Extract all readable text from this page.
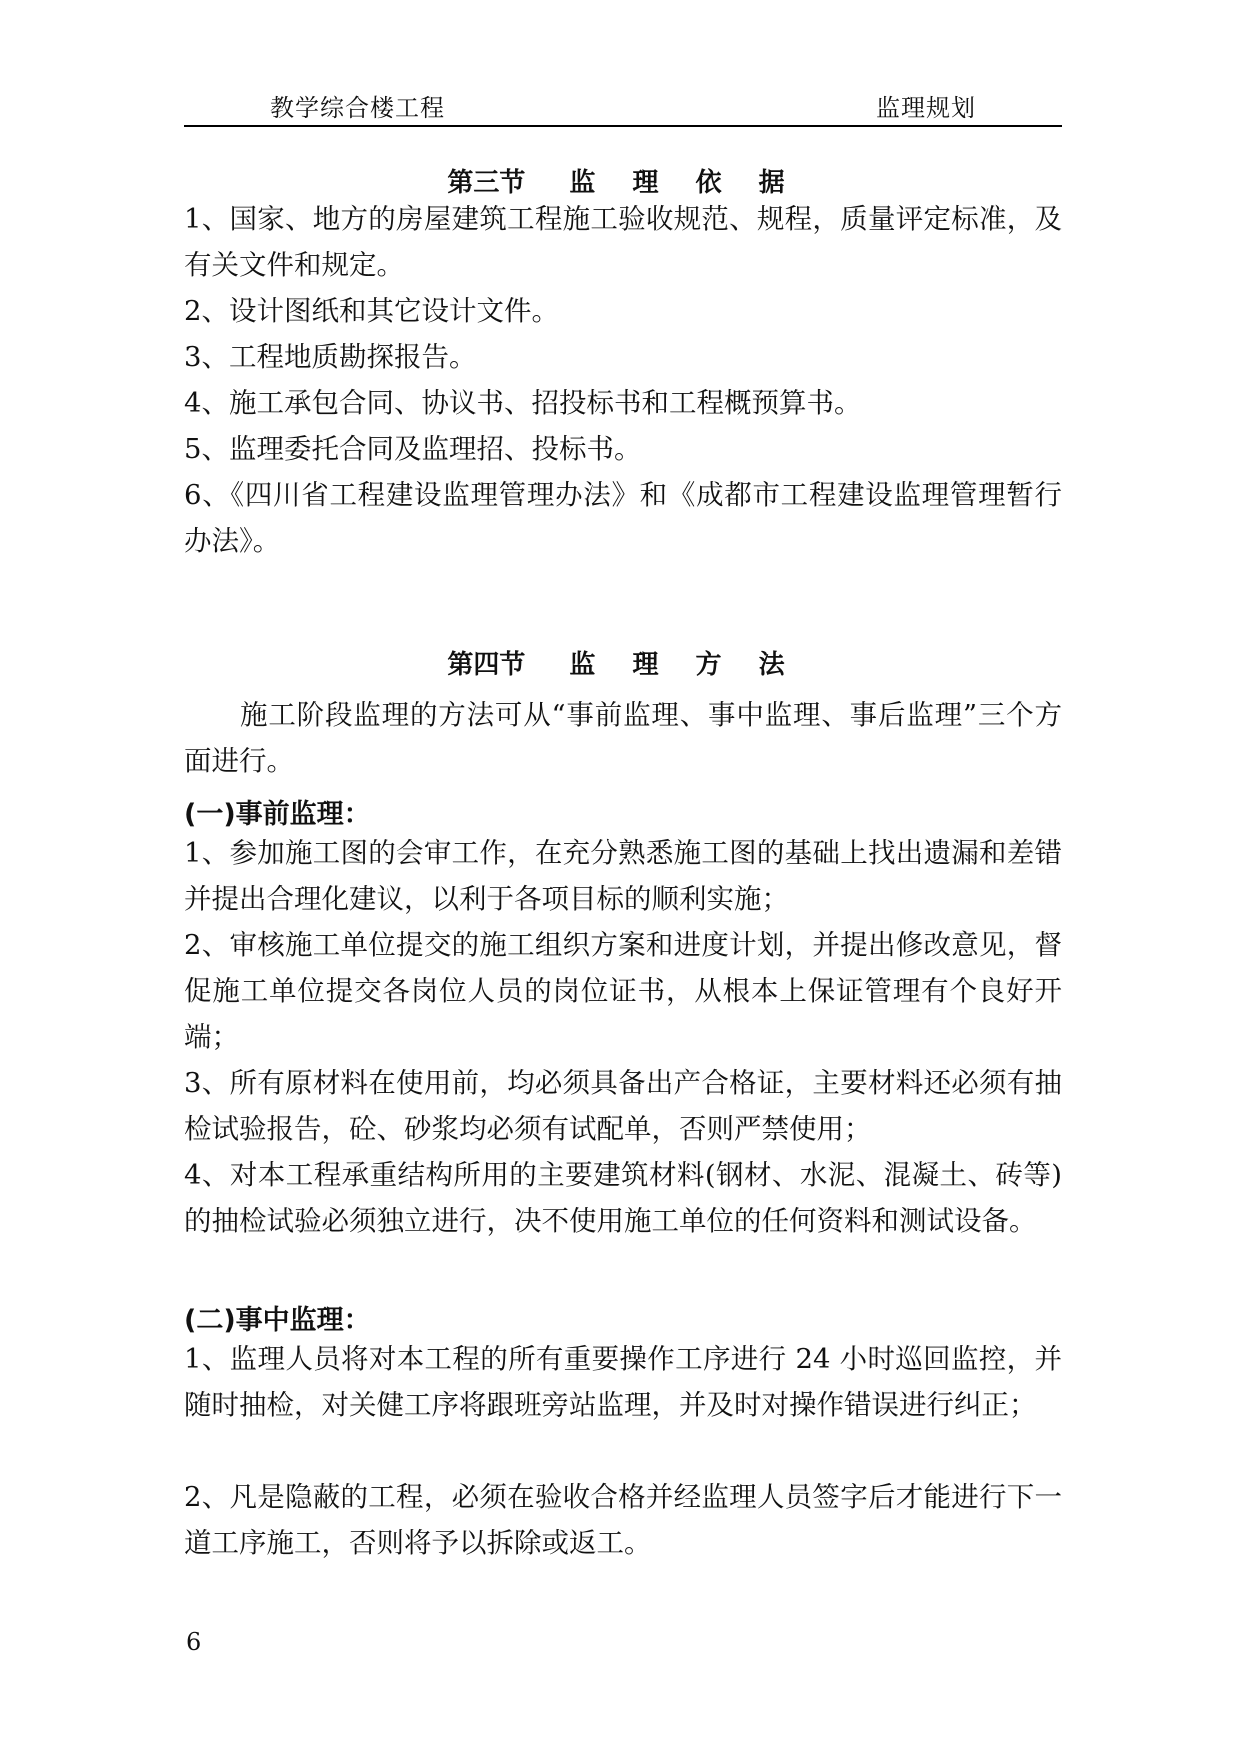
教学综合楼工程	监理规划
第三节 监 理 依 据

1、国家、地方的房屋建筑工程施工验收规范、规程，质量评定标准，及有关文件和规定。

2、设计图纸和其它设计文件。

3、工程地质勘探报告。

4、施工承包合同、协议书、招投标书和工程概预算书。

5、监理委托合同及监理招、投标书。

6、《四川省工程建设监理管理办法》和《成都市工程建设监理管理暂行办法》。

第四节 监 理 方 法

施工阶段监理的方法可从“事前监理、事中监理、事后监理”三个方面进行。

(一)事前监理：

1、参加施工图的会审工作，在充分熟悉施工图的基础上找出遗漏和差错并提出合理化建议，以利于各项目标的顺利实施；

2、审核施工单位提交的施工组织方案和进度计划，并提出修改意见，督促施工单位提交各岗位人员的岗位证书，从根本上保证管理有个良好开端；

3、所有原材料在使用前，均必须具备出产合格证，主要材料还必须有抽检试验报告，砼、砂浆均必须有试配单，否则严禁使用；

4、对本工程承重结构所用的主要建筑材料(钢材、水泥、混凝土、砖等)的抽检试验必须独立进行，决不使用施工单位的任何资料和测试设备。

(二)事中监理：

1、监理人员将对本工程的所有重要操作工序进行 24 小时巡回监控，并随时抽检，对关健工序将跟班旁站监理，并及时对操作错误进行纠正；

2、凡是隐蔽的工程，必须在验收合格并经监理人员签字后才能进行下一道工序施工，否则将予以拆除或返工。

6
